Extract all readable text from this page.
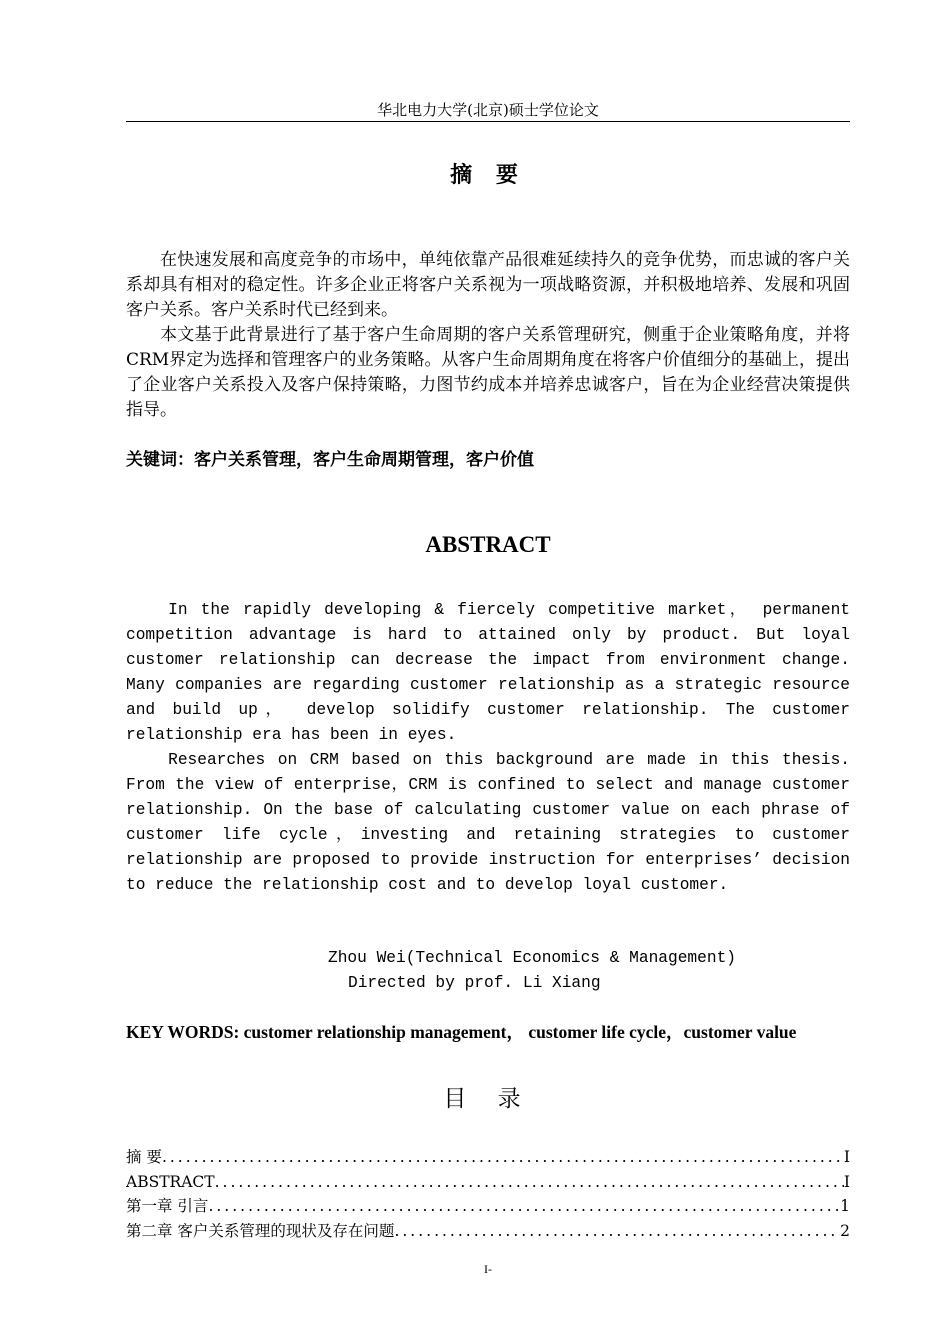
华北电力大学(北京)硕士学位论文
摘 要

在快速发展和高度竞争的市场中，单纯依靠产品很难延续持久的竞争优势，而忠诚的客户关系却具有相对的稳定性。许多企业正将客户关系视为一项战略资源，并积极地培养、发展和巩固客户关系。客户关系时代已经到来。

本文基于此背景进行了基于客户生命周期的客户关系管理研究，侧重于企业策略角度，并将CRM界定为选择和管理客户的业务策略。从客户生命周期角度在将客户价值细分的基础上，提出了企业客户关系投入及客户保持策略，力图节约成本并培养忠诚客户，旨在为企业经营决策提供指导。

关键词：客户关系管理，客户生命周期管理，客户价值
ABSTRACT

In the rapidly developing & fiercely competitive market， permanent competition advantage is hard to attained only by product. But loyal customer relationship can decrease the impact from environment change. Many companies are regarding customer relationship as a strategic resource and build up， develop solidify customer relationship. The customer relationship era has been in eyes.

Researches on CRM based on this background are made in this thesis. From the view of enterprise，CRM is confined to select and manage customer relationship. On the base of calculating customer value on each phrase of customer life cycle，investing and retaining strategies to customer relationship are proposed to provide instruction for enterprises’ decision to reduce the relationship cost and to develop loyal customer.

Zhou Wei(Technical Economics & Management)
Directed by prof. Li Xiang
KEY WORDS: customer relationship management， customer life cycle，customer value
目 录
摘 要 .....	I
ABSTRACT .....	I
第一章 引言 .....	1
第二章 客户关系管理的现状及存在问题 .....	2
I-
